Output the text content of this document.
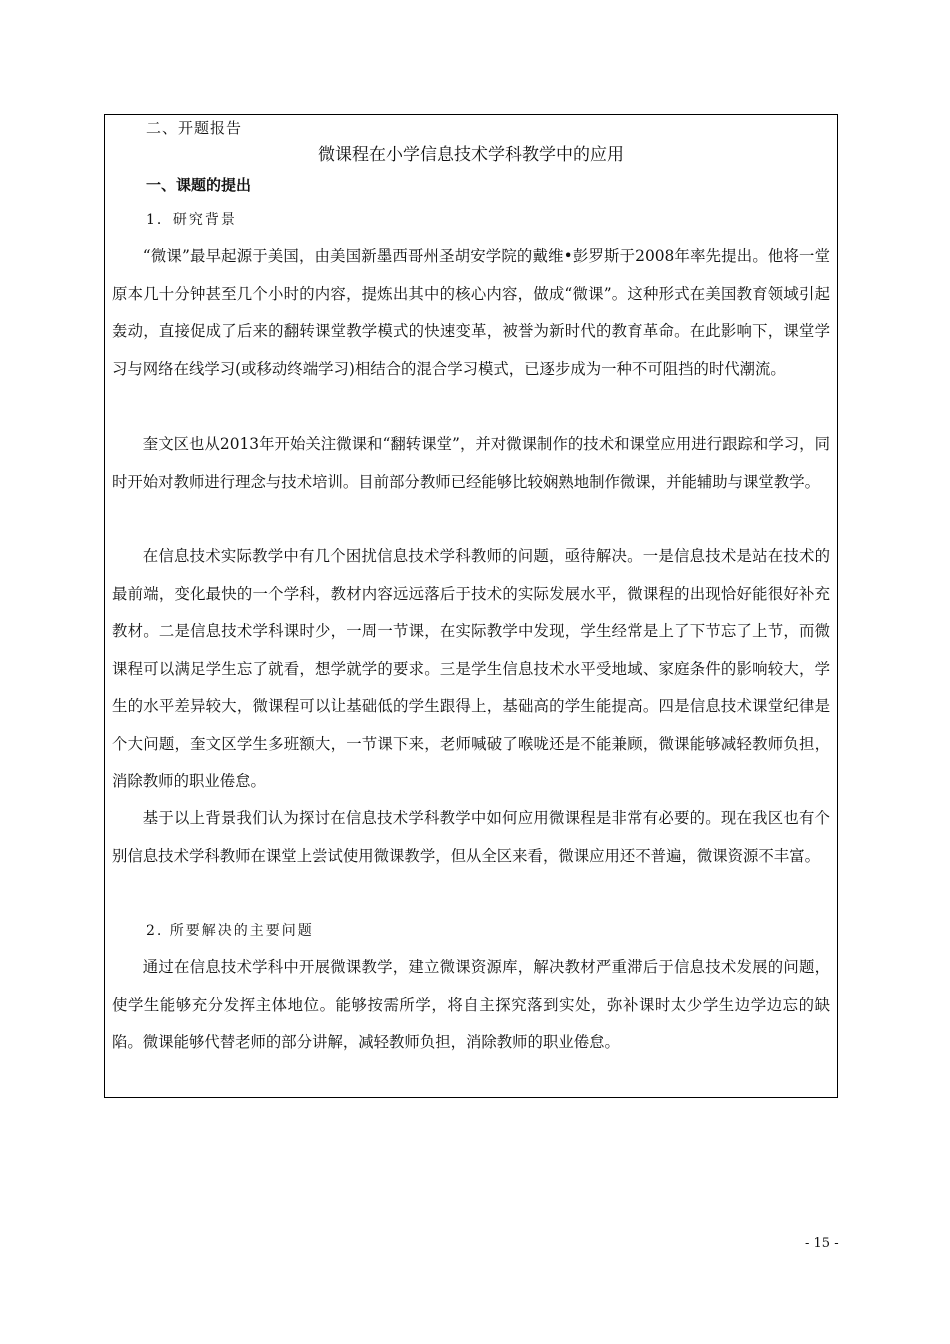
二、开题报告
微课程在小学信息技术学科教学中的应用
一、课题的提出
1．研究背景

“微课”最早起源于美国，由美国新墨西哥州圣胡安学院的戴维•彭罗斯于2008年率先提出。他将一堂原本几十分钟甚至几个小时的内容，提炼出其中的核心内容，做成“微课”。这种形式在美国教育领域引起轰动，直接促成了后来的翻转课堂教学模式的快速变革，被誉为新时代的教育革命。在此影响下，课堂学习与网络在线学习(或移动终端学习)相结合的混合学习模式，已逐步成为一种不可阻挡的时代潮流。

奎文区也从2013年开始关注微课和“翻转课堂”，并对微课制作的技术和课堂应用进行跟踪和学习，同时开始对教师进行理念与技术培训。目前部分教师已经能够比较娴熟地制作微课，并能辅助与课堂教学。

在信息技术实际教学中有几个困扰信息技术学科教师的问题，亟待解决。一是信息技术是站在技术的最前端，变化最快的一个学科，教材内容远远落后于技术的实际发展水平，微课程的出现恰好能很好补充教材。二是信息技术学科课时少，一周一节课，在实际教学中发现，学生经常是上了下节忘了上节，而微课程可以满足学生忘了就看，想学就学的要求。三是学生信息技术水平受地域、家庭条件的影响较大，学生的水平差异较大，微课程可以让基础低的学生跟得上，基础高的学生能提高。四是信息技术课堂纪律是个大问题，奎文区学生多班额大，一节课下来，老师喊破了喉咙还是不能兼顾，微课能够减轻教师负担，消除教师的职业倦怠。

基于以上背景我们认为探讨在信息技术学科教学中如何应用微课程是非常有必要的。现在我区也有个别信息技术学科教师在课堂上尝试使用微课教学，但从全区来看，微课应用还不普遍，微课资源不丰富。

2. 所要解决的主要问题

通过在信息技术学科中开展微课教学，建立微课资源库，解决教材严重滞后于信息技术发展的问题，使学生能够充分发挥主体地位。能够按需所学，将自主探究落到实处，弥补课时太少学生边学边忘的缺陷。微课能够代替老师的部分讲解，减轻教师负担，消除教师的职业倦怠。

- 15 -
